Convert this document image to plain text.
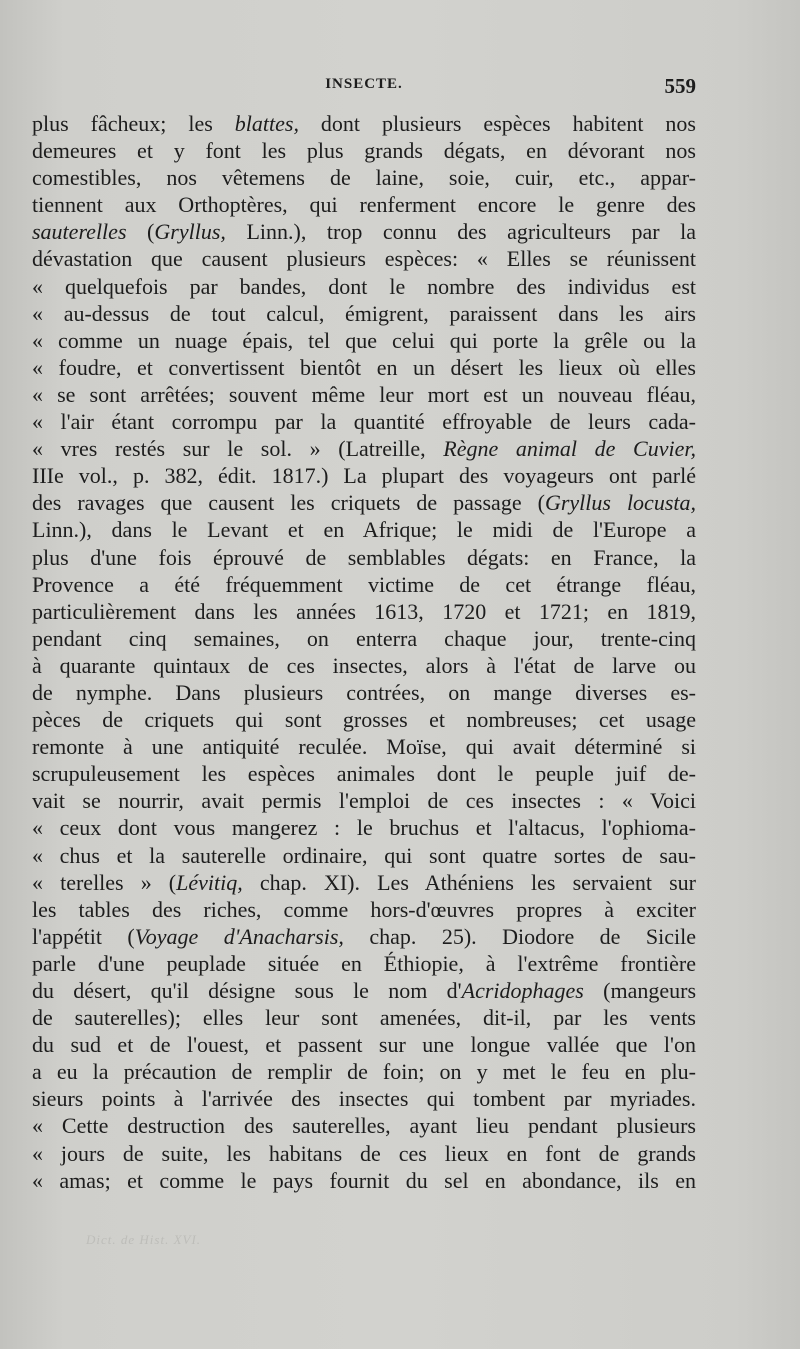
INSECTE.	559
plus fâcheux; les blattes, dont plusieurs espèces habitent nos
demeures et y font les plus grands dégats, en dévorant nos
comestibles, nos vêtemens de laine, soie, cuir, etc., appar-
tiennent aux Orthoptères, qui renferment encore le genre des
sauterelles (Gryllus, Linn.), trop connu des agriculteurs par la
dévastation que causent plusieurs espèces: « Elles se réunissent
« quelquefois par bandes, dont le nombre des individus est
« au-dessus de tout calcul, émigrent, paraissent dans les airs
« comme un nuage épais, tel que celui qui porte la grêle ou la
« foudre, et convertissent bientôt en un désert les lieux où elles
« se sont arrêtées; souvent même leur mort est un nouveau fléau,
« l'air étant corrompu par la quantité effroyable de leurs cada-
« vres restés sur le sol. » (Latreille, Règne animal de Cuvier,
IIIe vol., p. 382, édit. 1817.) La plupart des voyageurs ont parlé
des ravages que causent les criquets de passage (Gryllus locusta,
Linn.), dans le Levant et en Afrique; le midi de l'Europe a
plus d'une fois éprouvé de semblables dégats: en France, la
Provence a été fréquemment victime de cet étrange fléau,
particulièrement dans les années 1613, 1720 et 1721; en 1819,
pendant cinq semaines, on enterra chaque jour, trente-cinq
à quarante quintaux de ces insectes, alors à l'état de larve ou
de nymphe. Dans plusieurs contrées, on mange diverses es-
pèces de criquets qui sont grosses et nombreuses; cet usage
remonte à une antiquité reculée. Moïse, qui avait déterminé si
scrupuleusement les espèces animales dont le peuple juif de-
vait se nourrir, avait permis l'emploi de ces insectes : « Voici
« ceux dont vous mangerez : le bruchus et l'altacus, l'ophioma-
« chus et la sauterelle ordinaire, qui sont quatre sortes de sau-
« terelles » (Lévitiq, chap. XI). Les Athéniens les servaient sur
les tables des riches, comme hors-d'œuvres propres à exciter
l'appétit (Voyage d'Anacharsis, chap. 25). Diodore de Sicile
parle d'une peuplade située en Éthiopie, à l'extrême frontière
du désert, qu'il désigne sous le nom d'Acridophages (mangeurs
de sauterelles); elles leur sont amenées, dit-il, par les vents
du sud et de l'ouest, et passent sur une longue vallée que l'on
a eu la précaution de remplir de foin; on y met le feu en plu-
sieurs points à l'arrivée des insectes qui tombent par myriades.
« Cette destruction des sauterelles, ayant lieu pendant plusieurs
« jours de suite, les habitans de ces lieux en font de grands
« amas; et comme le pays fournit du sel en abondance, ils en
Dict. de Hist. XVI.
